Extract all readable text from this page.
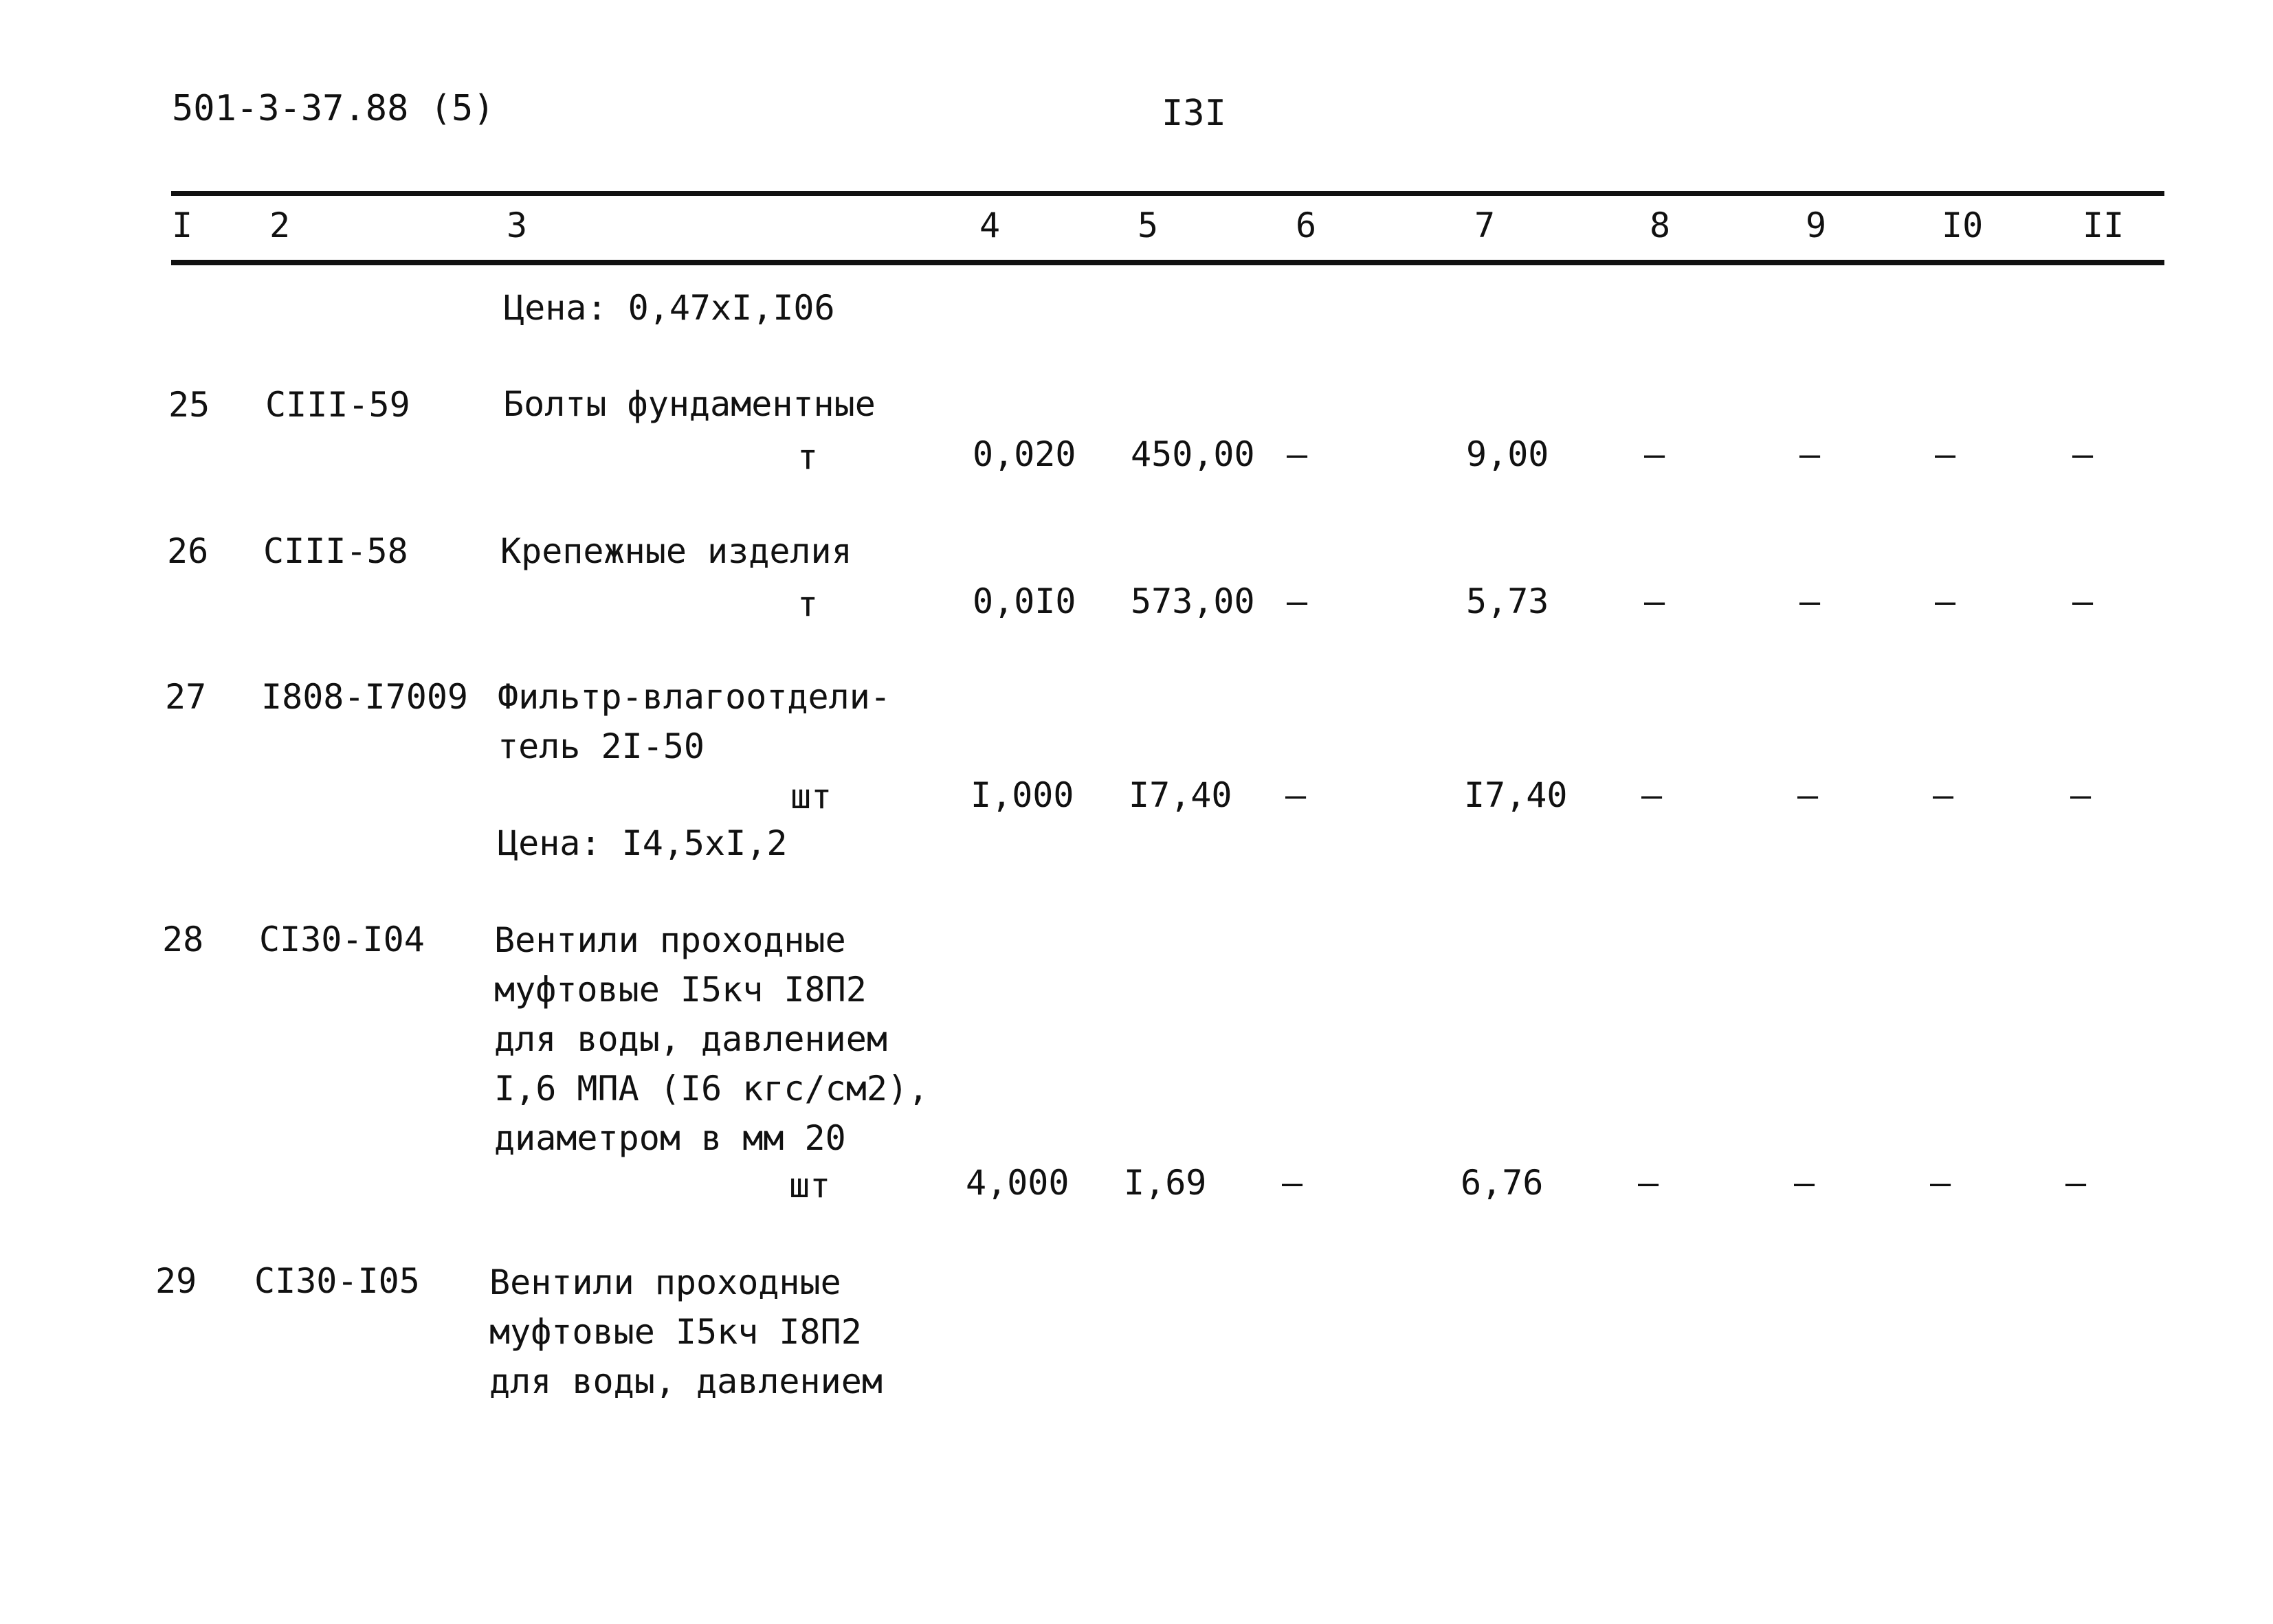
501-3-37.88 (5)	I3I
I 2	3	4	5	6	7	8	9	I0	II
Цена: 0,47хI,I06
25 СIII-59	Болты фундаментные
т	0,020 450,00 –	9,00	–	–	–	–
26 СIII-58	Крепежные изделия
т	0,0I0 573,00 –	5,73	–	–	–	–
27 I808-I7009 Фильтр-влагоотдели-
тель 2I-50
шт	I,000 I7,40 –	I7,40 –	–	–	–
Цена: I4,5хI,2
28 СI30-I04 Вентили проходные
муфтовые I5кч I8П2
для воды, давлением
I,6 МПА (I6 кгс/см2),
диаметром в мм 20
шт	4,000 I,69 –	6,76	–	–	–	–
29 СI30-I05 Вентили проходные
муфтовые I5кч I8П2
для воды, давлением
